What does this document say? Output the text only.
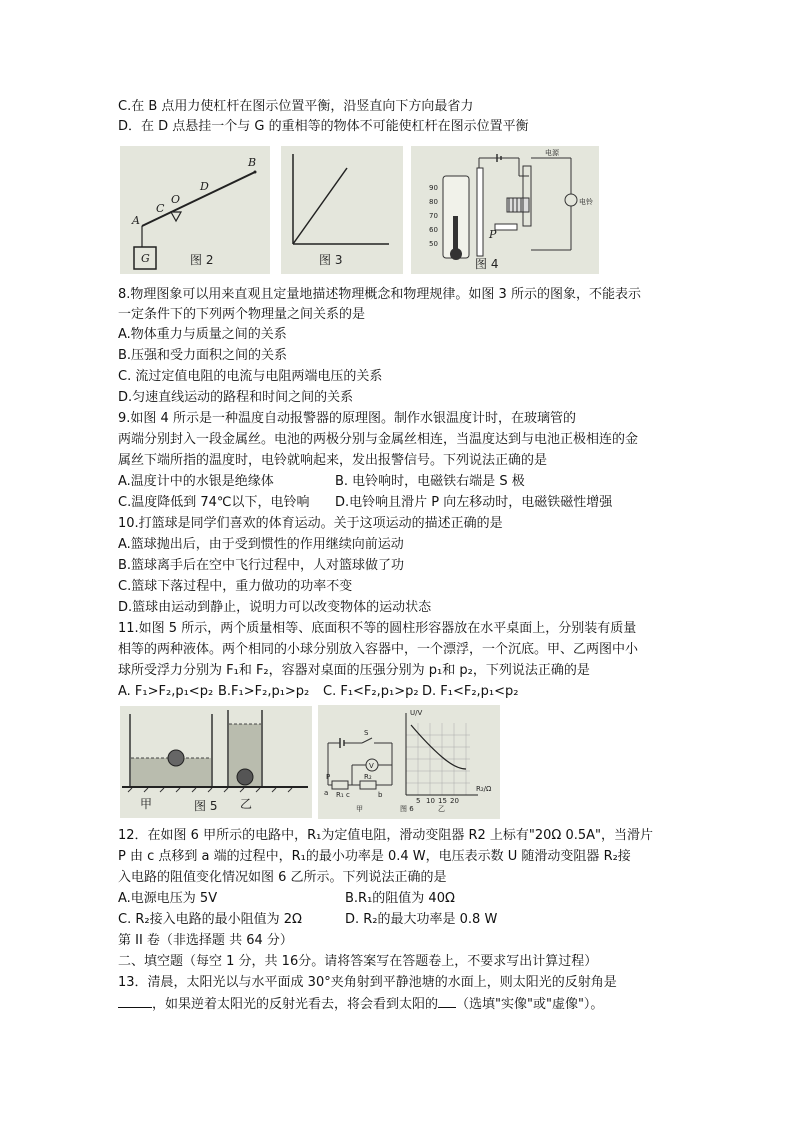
C.在 B 点用力使杠杆在图示位置平衡，沿竖直向下方向最省力
D．在 D 点悬挂一个与 G 的重相等的物体不可能使杠杆在图示位置平衡
G
A
C
O
D
B
图 2	图 3
90
80
70
60
50
P
电源
电铃
图 4
8.物理图象可以用来直观且定量地描述物理概念和物理规律。如图 3 所示的图象，不能表示
一定条件下的下列两个物理量之间关系的是
A.物体重力与质量之间的关系
B.压强和受力面积之间的关系
C. 流过定值电阻的电流与电阻两端电压的关系
D.匀速直线运动的路程和时间之间的关系
9.如图 4 所示是一种温度自动报警器的原理图。制作水银温度计时，在玻璃管的
两端分别封入一段金属丝。电池的两极分别与金属丝相连，当温度达到与电池正极相连的金
属丝下端所指的温度时，电铃就响起来，发出报警信号。下列说法正确的是
A.温度计中的水银是绝缘体	B. 电铃响时，电磁铁右端是 S 极
C.温度降低到 74℃以下，电铃响 D.电铃响且滑片 P 向左移动时，电磁铁磁性增强
10.打篮球是同学们喜欢的体育运动。关于这项运动的描述正确的是
A.篮球抛出后，由于受到惯性的作用继续向前运动
B.篮球离手后在空中飞行过程中，人对篮球做了功
C.篮球下落过程中，重力做功的功率不变
D.篮球由运动到静止，说明力可以改变物体的运动状态
11.如图 5 所示，两个质量相等、底面积不等的圆柱形容器放在水平桌面上，分别装有质量
相等的两种液体。两个相同的小球分别放入容器中，一个漂浮，一个沉底。甲、乙两图中小
球所受浮力分别为 F₁和 F₂，容器对桌面的压强分别为 p₁和 p₂，下列说法正确的是
A. F₁>F₂,p₁<p₂ B.F₁>F₂,p₁>p₂ C. F₁<F₂,p₁>p₂ D. F₁<F₂,p₁<p₂
甲	图 5 乙
S
V
P
R₁
R₂
a	c	b
甲	图 6
U/V
R₂/Ω
5 10 15 20
乙
12．在如图 6 甲所示的电路中，R₁为定值电阻，滑动变阻器 R2 上标有"20Ω 0.5A"，当滑片
P 由 c 点移到 a 端的过程中，R₁的最小功率是 0.4 W，电压表示数 U 随滑动变阻器 R₂接
入电路的阻值变化情况如图 6 乙所示。下列说法正确的是
A.电源电压为 5V	B.R₁的阻值为 40Ω
C. R₂接入电路的最小阻值为 2Ω	D. R₂的最大功率是 0.8 W
第 II 卷（非选择题 共 64 分）
二、填空题（每空 1 分，共 16分。请将答案写在答题卷上，不要求写出计算过程）
13．清晨，太阳光以与水平面成 30°夹角射到平静池塘的水面上，则太阳光的反射角是
，如果逆着太阳光的反射光看去，将会看到太阳的 （选填"实像"或"虚像"）。
